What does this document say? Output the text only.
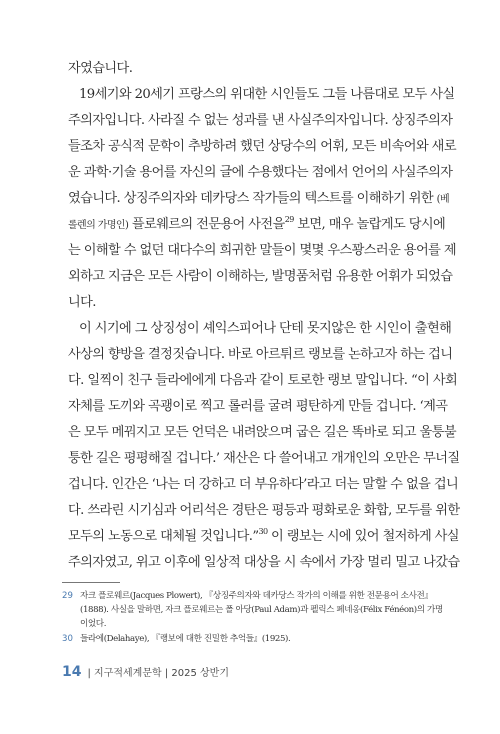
자였습니다.
19세기와 20세기 프랑스의 위대한 시인들도 그들 나름대로 모두 사실
주의자입니다. 사라질 수 없는 성과를 낸 사실주의자입니다. 상징주의자
들조차 공식적 문학이 추방하려 했던 상당수의 어휘, 모든 비속어와 새로
운 과학·기술 용어를 자신의 글에 수용했다는 점에서 언어의 사실주의자
였습니다. 상징주의자와 데카당스 작가들의 텍스트를 이해하기 위한 (베
롤렌의 가명인) 플로웨르의 전문용어 사전을$^{29}$ 보면, 매우 놀랍게도 당시에
는 이해할 수 없던 대다수의 희귀한 말들이 몇몇 우스꽝스러운 용어를 제
외하고 지금은 모든 사람이 이해하는, 발명품처럼 유용한 어휘가 되었습
니다.
이 시기에 그 상징성이 셰익스피어나 단테 못지않은 한 시인이 출현해
사상의 향방을 결정짓습니다. 바로 아르튀르 랭보를 논하고자 하는 겁니
다. 일찍이 친구 들라에에게 다음과 같이 토로한 랭보 말입니다. “이 사회
자체를 도끼와 곡괭이로 찍고 롤러를 굴려 평탄하게 만들 겁니다. ‘계곡
은 모두 메꿔지고 모든 언덕은 내려앉으며 굽은 길은 똑바로 되고 울퉁불
퉁한 길은 평평해질 겁니다.’ 재산은 다 쓸어내고 개개인의 오만은 무너질
겁니다. 인간은 ‘나는 더 강하고 더 부유하다’라고 더는 말할 수 없을 겁니
다. 쓰라린 시기심과 어리석은 경탄은 평등과 평화로운 화합, 모두를 위한
모두의 노동으로 대체될 것입니다.”$^{30}$ 이 랭보는 시에 있어 철저하게 사실
주의자였고, 위고 이후에 일상적 대상을 시 속에서 가장 멀리 밀고 나갔습
29 자크 플로웨르(Jacques Plowert), 『상징주의자와 데카당스 작가의 이해를 위한 전문용어 소사전』
(1888). 사실을 말하면, 자크 플로웨르는 폴 아당(Paul Adam)과 펠릭스 페네옹(Félix Fénéon)의 가명
이었다.
30 들라에(Delahaye), 『랭보에 대한 진밀한 추억들』(1925).
14 | 지구적세계문학 | 2025 상반기
